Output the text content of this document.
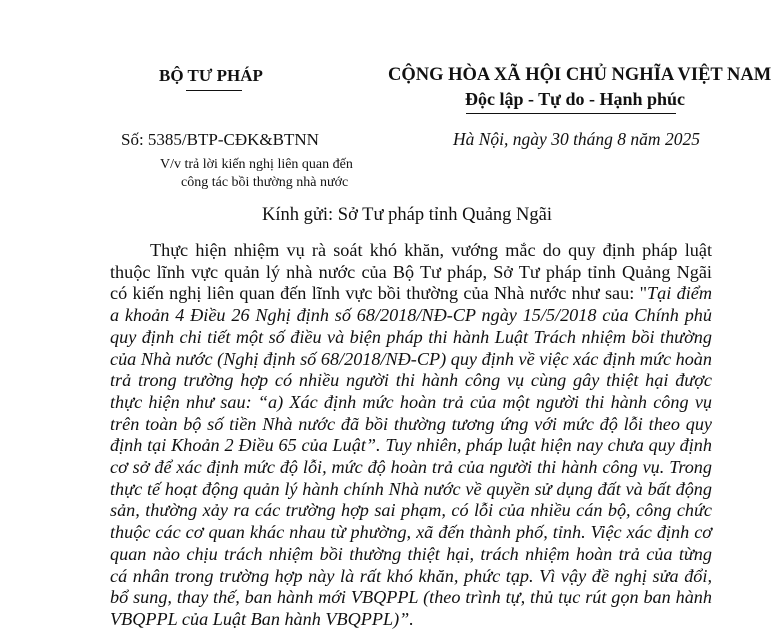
BỘ TƯ PHÁP	CỘNG HÒA XÃ HỘI CHỦ NGHĨA VIỆT NAM
Độc lập - Tự do - Hạnh phúc
Số: 5385/BTP-CĐK&BTNN	Hà Nội, ngày 30 tháng 8 năm 2025
V/v trả lời kiến nghị liên quan đến
công tác bồi thường nhà nước
Kính gửi: Sở Tư pháp tỉnh Quảng Ngãi
Thực hiện nhiệm vụ rà soát khó khăn, vướng mắc do quy định pháp luật
thuộc lĩnh vực quản lý nhà nước của Bộ Tư pháp, Sở Tư pháp tỉnh Quảng Ngãi
có kiến nghị liên quan đến lĩnh vực bồi thường của Nhà nước như sau: "Tại điểm
a khoản 4 Điều 26 Nghị định số 68/2018/NĐ-CP ngày 15/5/2018 của Chính phủ
quy định chi tiết một số điều và biện pháp thi hành Luật Trách nhiệm bồi thường
của Nhà nước (Nghị định số 68/2018/NĐ-CP) quy định về việc xác định mức hoàn
trả trong trường hợp có nhiều người thi hành công vụ cùng gây thiệt hại được
thực hiện như sau: “a) Xác định mức hoàn trả của một người thi hành công vụ
trên toàn bộ số tiền Nhà nước đã bồi thường tương ứng với mức độ lỗi theo quy
định tại Khoản 2 Điều 65 của Luật”. Tuy nhiên, pháp luật hiện nay chưa quy định
cơ sở để xác định mức độ lỗi, mức độ hoàn trả của người thi hành công vụ. Trong
thực tế hoạt động quản lý hành chính Nhà nước về quyền sử dụng đất và bất động
sản, thường xảy ra các trường hợp sai phạm, có lỗi của nhiều cán bộ, công chức
thuộc các cơ quan khác nhau từ phường, xã đến thành phố, tỉnh. Việc xác định cơ
quan nào chịu trách nhiệm bồi thường thiệt hại, trách nhiệm hoàn trả của từng
cá nhân trong trường hợp này là rất khó khăn, phức tạp. Vì vậy đề nghị sửa đổi,
bổ sung, thay thế, ban hành mới VBQPPL (theo trình tự, thủ tục rút gọn ban hành
VBQPPL của Luật Ban hành VBQPPL)”.
